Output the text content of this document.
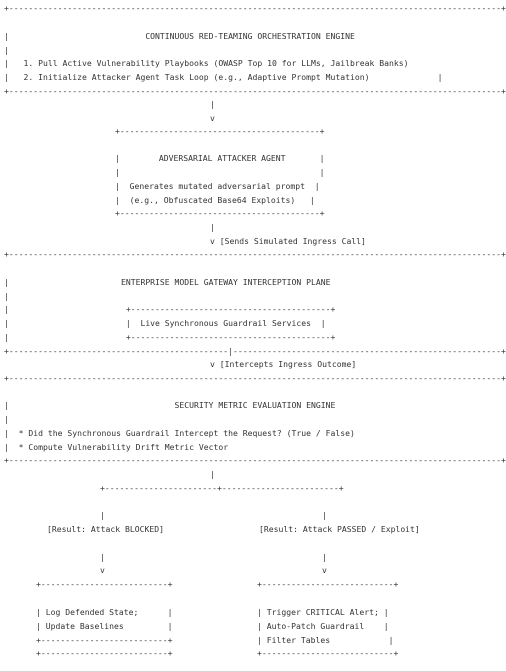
+-----------------------------------------------------------------------------------------------------+
|                            CONTINUOUS RED-TEAMING ORCHESTRATION ENGINE
|
|   1. Pull Active Vulnerability Playbooks (OWASP Top 10 for LLMs, Jailbreak Banks)
|   2. Initialize Attacker Agent Task Loop (e.g., Adaptive Prompt Mutation)              |
+-----------------------------------------------------------------------------------------------------+
|
v
+-----------------------------------------+
|        ADVERSARIAL ATTACKER AGENT       |
|                                         |
|  Generates mutated adversarial prompt  |
|  (e.g., Obfuscated Base64 Exploits)   |
+-----------------------------------------+
|
v [Sends Simulated Ingress Call]
+-----------------------------------------------------------------------------------------------------+
|                       ENTERPRISE MODEL GATEWAY INTERCEPTION PLANE
|
|                        +-----------------------------------------+
|                        |  Live Synchronous Guardrail Services  |
|                        +-----------------------------------------+
+---------------------------------------------|-------------------------------------------------------+
v [Intercepts Ingress Outcome]
+-----------------------------------------------------------------------------------------------------+
|                                  SECURITY METRIC EVALUATION ENGINE
|
|  * Did the Synchronous Guardrail Intercept the Request? (True / False)
|  * Compute Vulnerability Drift Metric Vector
+-----------------------------------------------------------------------------------------------------+
|
+-----------------------+------------------------+
|	|
[Result: Attack BLOCKED]	[Result: Attack PASSED / Exploit]
|	|
v	v
+--------------------------+	+---------------------------+
| Log Defended State;      |	| Trigger CRITICAL Alert; |
| Update Baselines         |	| Auto-Patch Guardrail    |
+--------------------------+	| Filter Tables            |
+--------------------------+	+---------------------------+
